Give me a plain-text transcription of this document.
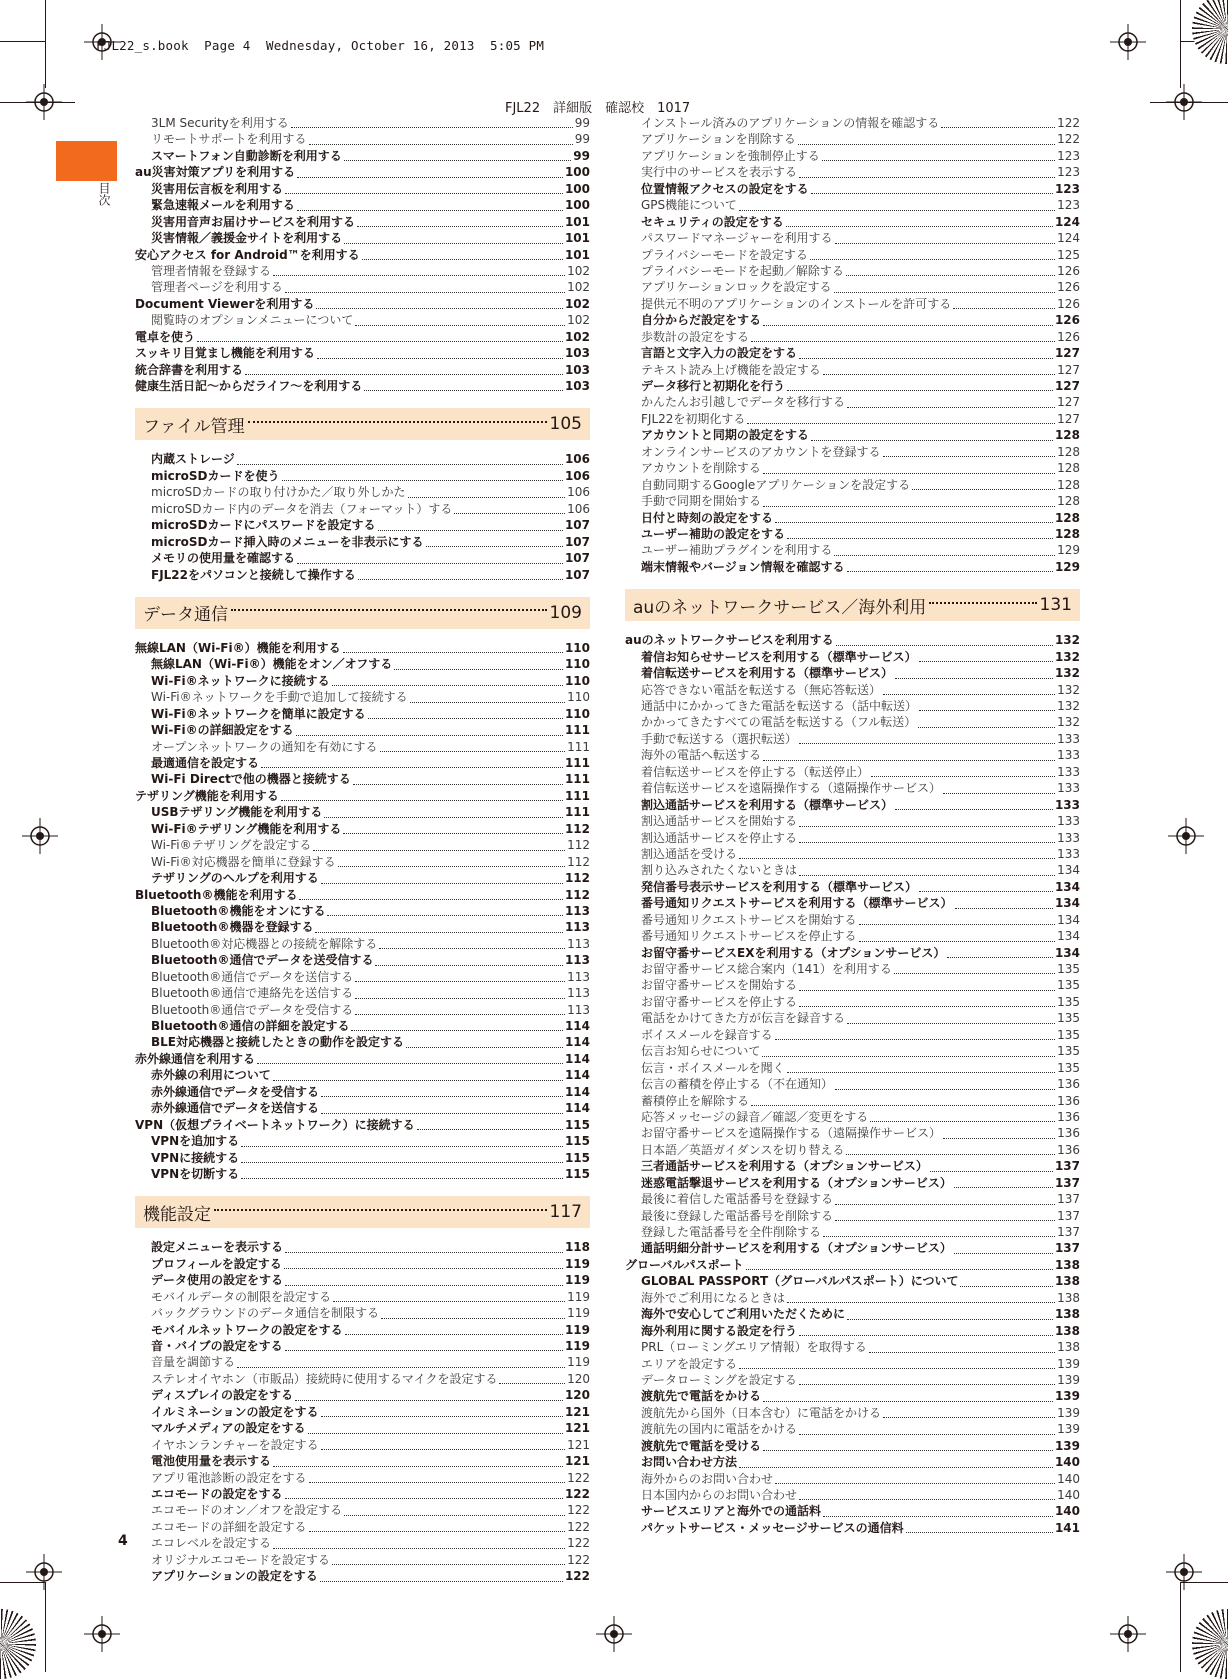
FJL22_s.book  Page 4  Wednesday, October 16, 2013  5:05 PM
FJL22　詳細版　確認校　1017
目次
3LM Securityを利用する	99
リモートサポートを利用する	99
スマートフォン自動診断を利用する	99
au災害対策アプリを利用する	100
災害用伝言板を利用する	100
緊急速報メールを利用する	100
災害用音声お届けサービスを利用する	101
災害情報／義援金サイトを利用する	101
安心アクセス for Android™を利用する	101
管理者情報を登録する	102
管理者ページを利用する	102
Document Viewerを利用する	102
閲覧時のオプションメニューについて	102
電卓を使う	102
スッキリ目覚まし機能を利用する	103
統合辞書を利用する	103
健康生活日記〜からだライフ〜を利用する	103
ファイル管理	105
内蔵ストレージ	106
microSDカードを使う	106
microSDカードの取り付けかた／取り外しかた	106
microSDカード内のデータを消去（フォーマット）する	106
microSDカードにパスワードを設定する	107
microSDカード挿入時のメニューを非表示にする	107
メモリの使用量を確認する	107
FJL22をパソコンと接続して操作する	107
データ通信	109
無線LAN（Wi-Fi®）機能を利用する	110
無線LAN（Wi-Fi®）機能をオン／オフする	110
Wi-Fi®ネットワークに接続する	110
Wi-Fi®ネットワークを手動で追加して接続する	110
Wi-Fi®ネットワークを簡単に設定する	110
Wi-Fi®の詳細設定をする	111
オープンネットワークの通知を有効にする	111
最適通信を設定する	111
Wi-Fi Directで他の機器と接続する	111
テザリング機能を利用する	111
USBテザリング機能を利用する	111
Wi-Fi®テザリング機能を利用する	112
Wi-Fi®テザリングを設定する	112
Wi-Fi®対応機器を簡単に登録する	112
テザリングのヘルプを利用する	112
Bluetooth®機能を利用する	112
Bluetooth®機能をオンにする	113
Bluetooth®機器を登録する	113
Bluetooth®対応機器との接続を解除する	113
Bluetooth®通信でデータを送受信する	113
Bluetooth®通信でデータを送信する	113
Bluetooth®通信で連絡先を送信する	113
Bluetooth®通信でデータを受信する	113
Bluetooth®通信の詳細を設定する	114
BLE対応機器と接続したときの動作を設定する	114
赤外線通信を利用する	114
赤外線の利用について	114
赤外線通信でデータを受信する	114
赤外線通信でデータを送信する	114
VPN（仮想プライベートネットワーク）に接続する	115
VPNを追加する	115
VPNに接続する	115
VPNを切断する	115
機能設定	117
設定メニューを表示する	118
プロフィールを設定する	119
データ使用の設定をする	119
モバイルデータの制限を設定する	119
バックグラウンドのデータ通信を制限する	119
モバイルネットワークの設定をする	119
音・バイブの設定をする	119
音量を調節する	119
ステレオイヤホン（市販品）接続時に使用するマイクを設定する	120
ディスプレイの設定をする	120
イルミネーションの設定をする	121
マルチメディアの設定をする	121
イヤホンランチャーを設定する	121
電池使用量を表示する	121
アプリ電池診断の設定をする	122
エコモードの設定をする	122
エコモードのオン／オフを設定する	122
エコモードの詳細を設定する	122
エコレベルを設定する	122
オリジナルエコモードを設定する	122
アプリケーションの設定をする	122
インストール済みのアプリケーションの情報を確認する	122
アプリケーションを削除する	122
アプリケーションを強制停止する	123
実行中のサービスを表示する	123
位置情報アクセスの設定をする	123
GPS機能について	123
セキュリティの設定をする	124
パスワードマネージャーを利用する	124
プライバシーモードを設定する	125
プライバシーモードを起動／解除する	126
アプリケーションロックを設定する	126
提供元不明のアプリケーションのインストールを許可する	126
自分からだ設定をする	126
歩数計の設定をする	126
言語と文字入力の設定をする	127
テキスト読み上げ機能を設定する	127
データ移行と初期化を行う	127
かんたんお引越しでデータを移行する	127
FJL22を初期化する	127
アカウントと同期の設定をする	128
オンラインサービスのアカウントを登録する	128
アカウントを削除する	128
自動同期するGoogleアプリケーションを設定する	128
手動で同期を開始する	128
日付と時刻の設定をする	128
ユーザー補助の設定をする	128
ユーザー補助プラグインを利用する	129
端末情報やバージョン情報を確認する	129
auのネットワークサービス／海外利用	131
auのネットワークサービスを利用する	132
着信お知らせサービスを利用する（標準サービス）	132
着信転送サービスを利用する（標準サービス）	132
応答できない電話を転送する（無応答転送）	132
通話中にかかってきた電話を転送する（話中転送）	132
かかってきたすべての電話を転送する（フル転送）	132
手動で転送する（選択転送）	133
海外の電話へ転送する	133
着信転送サービスを停止する（転送停止）	133
着信転送サービスを遠隔操作する（遠隔操作サービス）	133
割込通話サービスを利用する（標準サービス）	133
割込通話サービスを開始する	133
割込通話サービスを停止する	133
割込通話を受ける	133
割り込みされたくないときは	134
発信番号表示サービスを利用する（標準サービス）	134
番号通知リクエストサービスを利用する（標準サービス）	134
番号通知リクエストサービスを開始する	134
番号通知リクエストサービスを停止する	134
お留守番サービスEXを利用する（オプションサービス）	134
お留守番サービス総合案内（141）を利用する	135
お留守番サービスを開始する	135
お留守番サービスを停止する	135
電話をかけてきた方が伝言を録音する	135
ボイスメールを録音する	135
伝言お知らせについて	135
伝言・ボイスメールを聞く	135
伝言の蓄積を停止する（不在通知）	136
蓄積停止を解除する	136
応答メッセージの録音／確認／変更をする	136
お留守番サービスを遠隔操作する（遠隔操作サービス）	136
日本語／英語ガイダンスを切り替える	136
三者通話サービスを利用する（オプションサービス）	137
迷惑電話撃退サービスを利用する（オプションサービス）	137
最後に着信した電話番号を登録する	137
最後に登録した電話番号を削除する	137
登録した電話番号を全件削除する	137
通話明細分計サービスを利用する（オプションサービス）	137
グローバルパスポート	138
GLOBAL PASSPORT（グローバルパスポート）について	138
海外でご利用になるときは	138
海外で安心してご利用いただくために	138
海外利用に関する設定を行う	138
PRL（ローミングエリア情報）を取得する	138
エリアを設定する	139
データローミングを設定する	139
渡航先で電話をかける	139
渡航先から国外（日本含む）に電話をかける	139
渡航先の国内に電話をかける	139
渡航先で電話を受ける	139
お問い合わせ方法	140
海外からのお問い合わせ	140
日本国内からのお問い合わせ	140
サービスエリアと海外での通話料	140
パケットサービス・メッセージサービスの通信料	141
4
